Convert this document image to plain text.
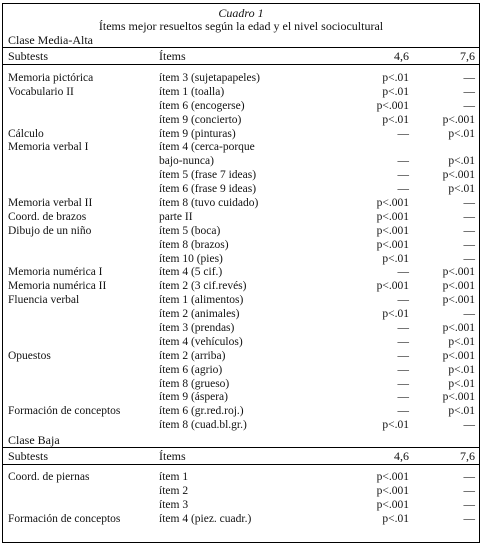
Cuadro 1
Ítems mejor resueltos según la edad y el nivel sociocultural
Clase Media-Alta
Subtests	Ítems	4,6	7,6
Memoria pictórica	ítem 3 (sujetapapeles)	p<.01	—
Vocabulario II	ítem 1 (toalla)	p<.01	—
ítem 6 (encogerse)	p<.001	—
ítem 9 (concierto)	p<.01	p<.001
Cálculo	ítem 9 (pinturas)	—	p<.01
Memoria verbal I	ítem 4 (cerca-porque
bajo-nunca)	—	p<.01
ítem 5 (frase 7 ideas)	—	p<.001
ítem 6 (frase 9 ideas)	—	p<.01
Memoria verbal II	ítem 8 (tuvo cuidado)	p<.001	—
Coord. de brazos	parte II	p<.001	—
Dibujo de un niño	ítem 5 (boca)	p<.001	—
ítem 8 (brazos)	p<.001	—
ítem 10 (pies)	p<.01	—
Memoria numérica I	ítem 4 (5 cif.)	—	p<.001
Memoria numérica II	ítem 2 (3 cif.revés)	p<.001	p<.001
Fluencia verbal	ítem 1 (alimentos)	—	p<.001
ítem 2 (animales)	p<.01	—
ítem 3 (prendas)	—	p<.001
ítem 4 (vehículos)	—	p<.01
Opuestos	ítem 2 (arriba)	—	p<.001
ítem 6 (agrio)	—	p<.01
ítem 8 (grueso)	—	p<.01
ítem 9 (áspera)	—	p<.001
Formación de conceptos	ítem 6 (gr.red.roj.)	—	p<.01
ítem 8 (cuad.bl.gr.)	p<.01	—
Clase Baja
Subtests	Ítems	4,6	7,6
Coord. de piernas	ítem 1	p<.001	—
ítem 2	p<.001	—
ítem 3	p<.001	—
Formación de conceptos	ítem 4 (piez. cuadr.)	p<.01	—
